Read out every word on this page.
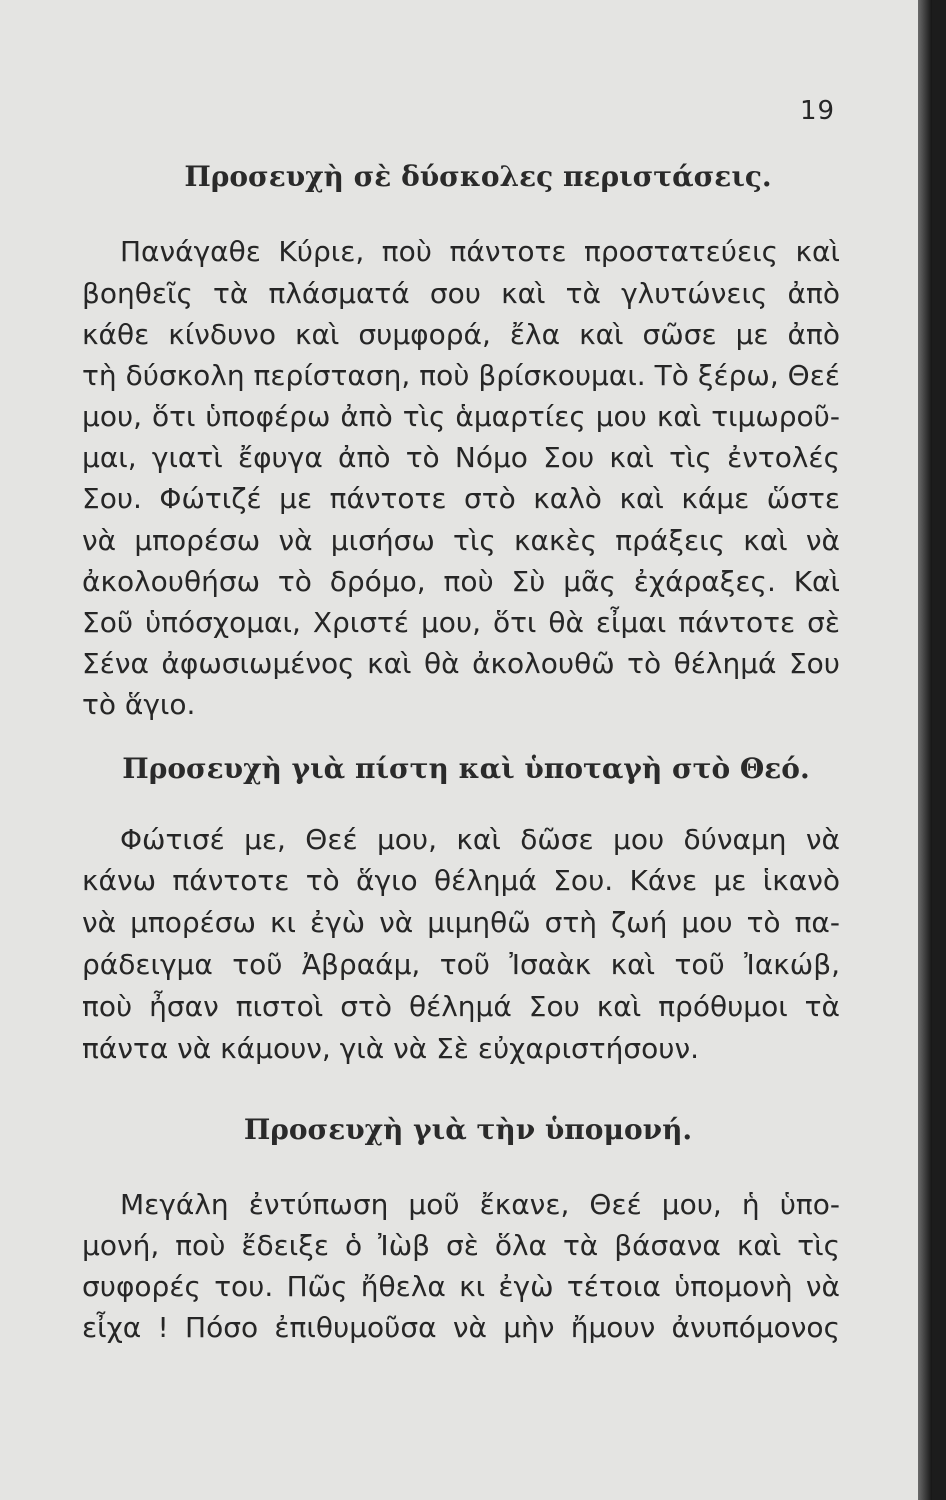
19
Προσευχὴ σὲ δύσκολες περιστάσεις.
Πανάγαθε Κύριε, ποὺ πάντοτε προστατεύεις καὶ
βοηθεῖς τὰ πλάσματά σου καὶ τὰ γλυτώνεις ἀπὸ
κάθε κίνδυνο καὶ συμφορά, ἔλα καὶ σῶσε με ἀπὸ
τὴ δύσκολη περίσταση, ποὺ βρίσκουμαι. Τὸ ξέρω, Θεέ
μου, ὅτι ὑποφέρω ἀπὸ τὶς ἁμαρτίες μου καὶ τιμωροῦ-
μαι, γιατὶ ἔφυγα ἀπὸ τὸ Νόμο Σου καὶ τὶς ἐντολές
Σου. Φώτιζέ με πάντοτε στὸ καλὸ καὶ κάμε ὥστε
νὰ μπορέσω νὰ μισήσω τὶς κακὲς πράξεις καὶ νὰ
ἀκολουθήσω τὸ δρόμο, ποὺ Σὺ μᾶς ἐχάραξες. Καὶ
Σοῦ ὑπόσχομαι, Χριστέ μου, ὅτι θὰ εἶμαι πάντοτε σὲ
Σένα ἀφωσιωμένος καὶ θὰ ἀκολουθῶ τὸ θέλημά Σου
τὸ ἅγιο.
Προσευχὴ γιὰ πίστη καὶ ὑποταγὴ στὸ Θεό.
Φώτισέ με, Θεέ μου, καὶ δῶσε μου δύναμη νὰ
κάνω πάντοτε τὸ ἅγιο θέλημά Σου. Κάνε με ἱκανὸ
νὰ μπορέσω κι ἐγὼ νὰ μιμηθῶ στὴ ζωή μου τὸ πα-
ράδειγμα τοῦ Ἀβραάμ, τοῦ Ἰσαὰκ καὶ τοῦ Ἰακώβ,
ποὺ ἦσαν πιστοὶ στὸ θέλημά Σου καὶ πρόθυμοι τὰ
πάντα νὰ κάμουν, γιὰ νὰ Σὲ εὐχαριστήσουν.
Προσευχὴ γιὰ τὴν ὑπομονή.
Μεγάλη ἐντύπωση μοῦ ἔκανε, Θεέ μου, ἡ ὑπο-
μονή, ποὺ ἔδειξε ὁ Ἰὼβ σὲ ὅλα τὰ βάσανα καὶ τὶς
συφορές του. Πῶς ἤθελα κι ἐγὼ τέτοια ὑπομονὴ νὰ
εἶχα ! Πόσο ἐπιθυμοῦσα νὰ μὴν ἤμουν ἀνυπόμονος
